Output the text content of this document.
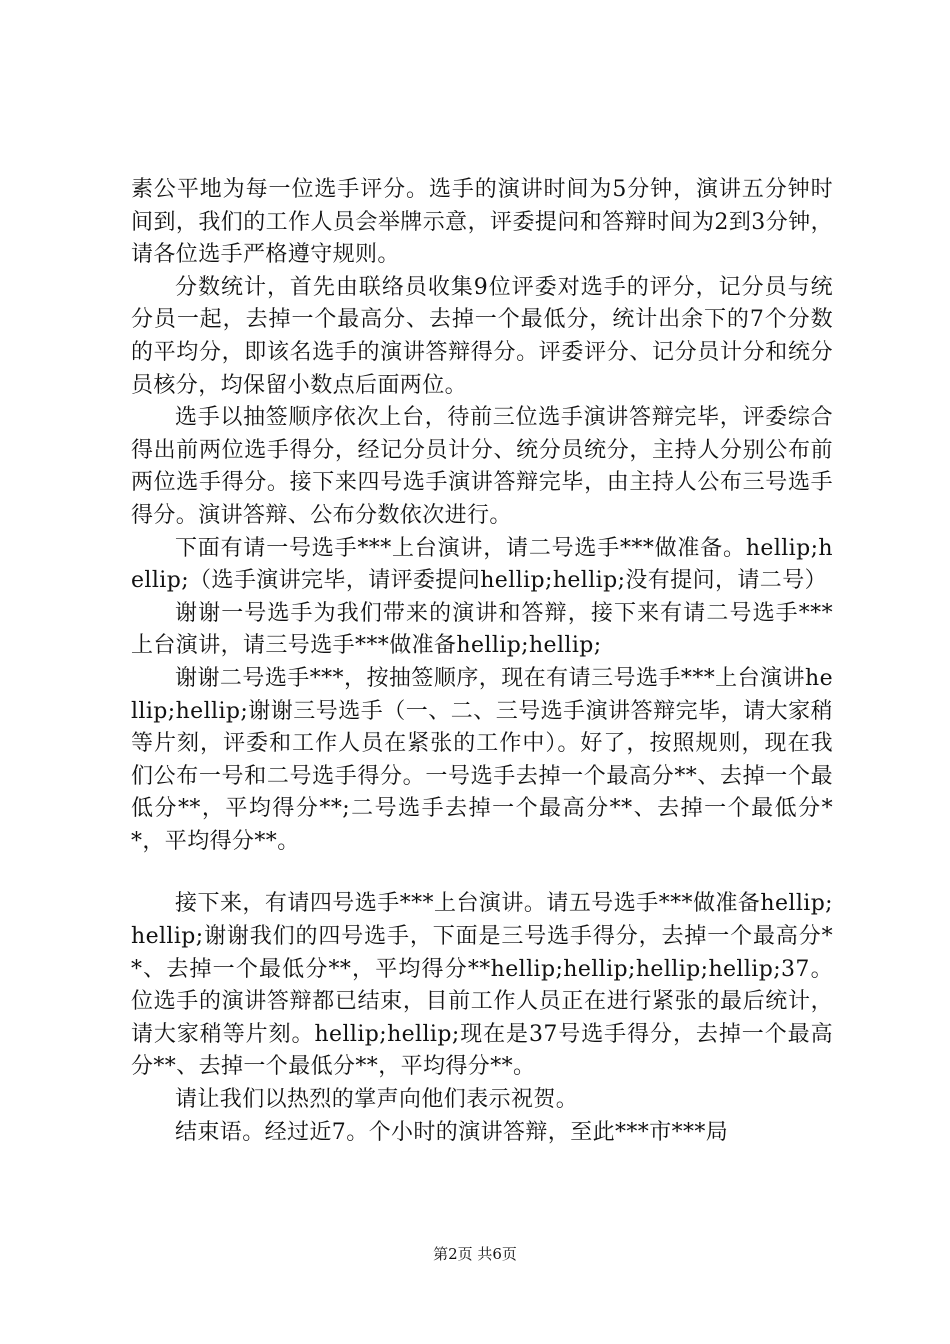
素公平地为每一位选手评分。选手的演讲时间为5分钟，演讲五分钟时间到，我们的工作人员会举牌示意，评委提问和答辩时间为2到3分钟，请各位选手严格遵守规则。

分数统计，首先由联络员收集9位评委对选手的评分，记分员与统分员一起，去掉一个最高分、去掉一个最低分，统计出余下的7个分数的平均分，即该名选手的演讲答辩得分。评委评分、记分员计分和统分员核分，均保留小数点后面两位。

选手以抽签顺序依次上台，待前三位选手演讲答辩完毕，评委综合得出前两位选手得分，经记分员计分、统分员统分，主持人分别公布前两位选手得分。接下来四号选手演讲答辩完毕，由主持人公布三号选手得分。演讲答辩、公布分数依次进行。

下面有请一号选手***上台演讲，请二号选手***做准备。hellip;hellip;（选手演讲完毕，请评委提问hellip;hellip;没有提问，请二号）

谢谢一号选手为我们带来的演讲和答辩，接下来有请二号选手***上台演讲，请三号选手***做准备hellip;hellip;

谢谢二号选手***，按抽签顺序，现在有请三号选手***上台演讲hellip;hellip;谢谢三号选手（一、二、三号选手演讲答辩完毕，请大家稍等片刻，评委和工作人员在紧张的工作中）。好了，按照规则，现在我们公布一号和二号选手得分。一号选手去掉一个最高分**、去掉一个最低分**，平均得分**;二号选手去掉一个最高分**、去掉一个最低分**，平均得分**。

接下来，有请四号选手***上台演讲。请五号选手***做准备hellip;hellip;谢谢我们的四号选手，下面是三号选手得分，去掉一个最高分**、去掉一个最低分**，平均得分**hellip;hellip;hellip;hellip;37。位选手的演讲答辩都已结束，目前工作人员正在进行紧张的最后统计，请大家稍等片刻。hellip;hellip;现在是37号选手得分，去掉一个最高分**、去掉一个最低分**，平均得分**。

请让我们以热烈的掌声向他们表示祝贺。

结束语。经过近7。个小时的演讲答辩，至此***市***局

第2页 共6页
